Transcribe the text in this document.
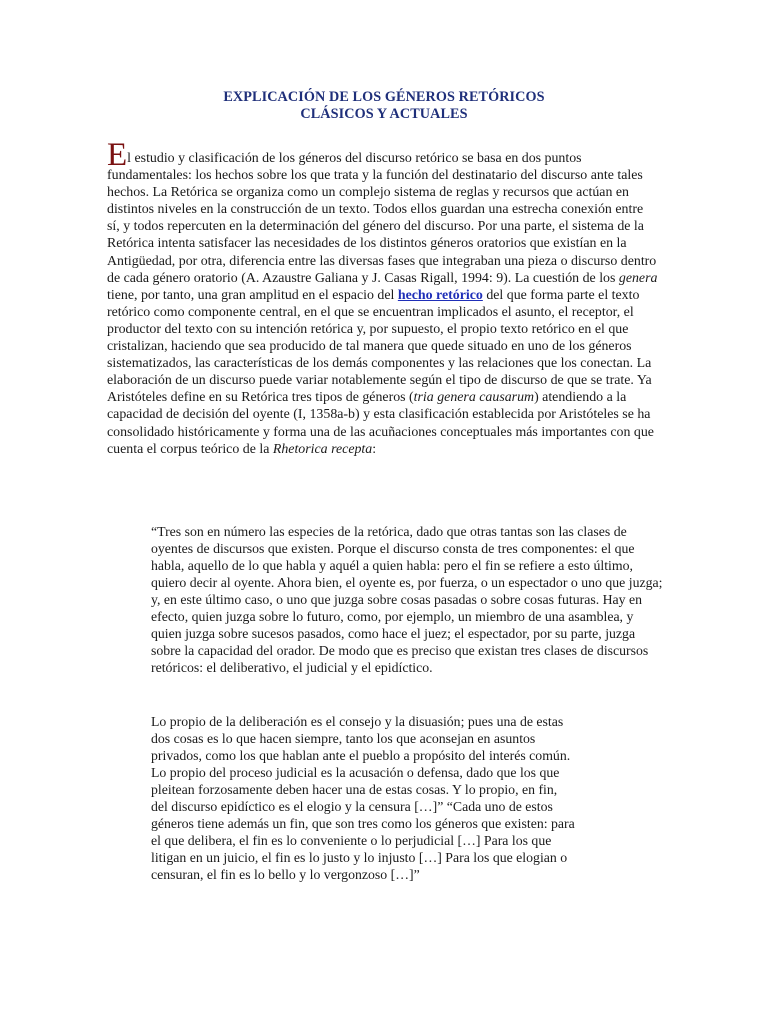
EXPLICACIÓN DE LOS GÉNEROS RETÓRICOS
CLÁSICOS Y ACTUALES
El estudio y clasificación de los géneros del discurso retórico se basa en dos puntos fundamentales: los hechos sobre los que trata y la función del destinatario del discurso ante tales hechos. La Retórica se organiza como un complejo sistema de reglas y recursos que actúan en distintos niveles en la construcción de un texto. Todos ellos guardan una estrecha conexión entre sí, y todos repercuten en la determinación del género del discurso. Por una parte, el sistema de la Retórica intenta satisfacer las necesidades de los distintos géneros oratorios que existían en la Antigüedad, por otra, diferencia entre las diversas fases que integraban una pieza o discurso dentro de cada género oratorio (A. Azaustre Galiana y J. Casas Rigall, 1994: 9). La cuestión de los genera tiene, por tanto, una gran amplitud en el espacio del hecho retórico del que forma parte el texto retórico como componente central, en el que se encuentran implicados el asunto, el receptor, el productor del texto con su intención retórica y, por supuesto, el propio texto retórico en el que cristalizan, haciendo que sea producido de tal manera que quede situado en uno de los géneros sistematizados, las características de los demás componentes y las relaciones que los conectan. La elaboración de un discurso puede variar notablemente según el tipo de discurso de que se trate. Ya Aristóteles define en su Retórica tres tipos de géneros (tria genera causarum) atendiendo a la capacidad de decisión del oyente (I, 1358a-b) y esta clasificación establecida por Aristóteles se ha consolidado históricamente y forma una de las acuñaciones conceptuales más importantes con que cuenta el corpus teórico de la Rhetorica recepta:
“Tres son en número las especies de la retórica, dado que otras tantas son las clases de oyentes de discursos que existen. Porque el discurso consta de tres componentes: el que habla, aquello de lo que habla y aquél a quien habla: pero el fin se refiere a esto último, quiero decir al oyente. Ahora bien, el oyente es, por fuerza, o un espectador o uno que juzga; y, en este último caso, o uno que juzga sobre cosas pasadas o sobre cosas futuras. Hay en efecto, quien juzga sobre lo futuro, como, por ejemplo, un miembro de una asamblea, y quien juzga sobre sucesos pasados, como hace el juez; el espectador, por su parte, juzga sobre la capacidad del orador. De modo que es preciso que existan tres clases de discursos retóricos: el deliberativo, el judicial y el epidíctico.
Lo propio de la deliberación es el consejo y la disuasión; pues una de estas
dos cosas es lo que hacen siempre, tanto los que aconsejan en asuntos
privados, como los que hablan ante el pueblo a propósito del interés común.
Lo propio del proceso judicial es la acusación o defensa, dado que los que
pleitean forzosamente deben hacer una de estas cosas. Y lo propio, en fin,
del discurso epidíctico es el elogio y la censura […]” “Cada uno de estos
géneros tiene además un fin, que son tres como los géneros que existen: para
el que delibera, el fin es lo conveniente o lo perjudicial […] Para los que
litigan en un juicio, el fin es lo justo y lo injusto […] Para los que elogian o
censuran, el fin es lo bello y lo vergonzoso […]”
